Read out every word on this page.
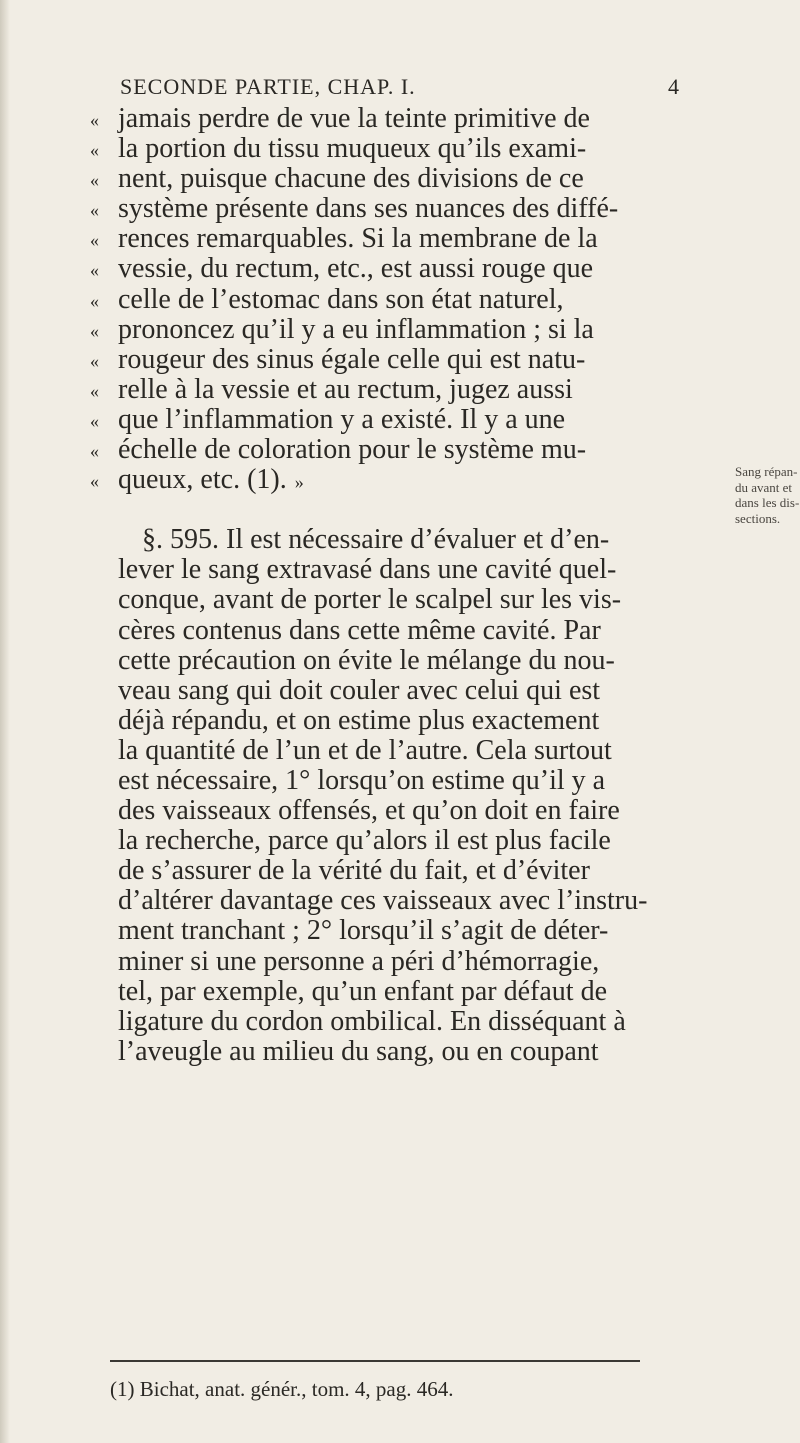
SECONDE PARTIE, CHAP. I.	4
« jamais perdre de vue la teinte primitive de
« la portion du tissu muqueux qu’ils exami-
« nent, puisque chacune des divisions de ce
« système présente dans ses nuances des diffé-
« rences remarquables. Si la membrane de la
« vessie, du rectum, etc., est aussi rouge que
« celle de l’estomac dans son état naturel,
« prononcez qu’il y a eu inflammation ; si la
« rougeur des sinus égale celle qui est natu-
« relle à la vessie et au rectum, jugez aussi
« que l’inflammation y a existé. Il y a une
« échelle de coloration pour le système mu-
« queux, etc. (1). »
§. 595. Il est nécessaire d’évaluer et d’en-
lever le sang extravasé dans une cavité quel-
conque, avant de porter le scalpel sur les vis-
cères contenus dans cette même cavité. Par
cette précaution on évite le mélange du nou-
veau sang qui doit couler avec celui qui est
déjà répandu, et on estime plus exactement
la quantité de l’un et de l’autre. Cela surtout
est nécessaire, 1° lorsqu’on estime qu’il y a
des vaisseaux offensés, et qu’on doit en faire
la recherche, parce qu’alors il est plus facile
de s’assurer de la vérité du fait, et d’éviter
d’altérer davantage ces vaisseaux avec l’instru-
ment tranchant ; 2° lorsqu’il s’agit de déter-
miner si une personne a péri d’hémorragie,
tel, par exemple, qu’un enfant par défaut de
ligature du cordon ombilical. En disséquant à
l’aveugle au milieu du sang, ou en coupant
Sang répan-
du avant et
dans les dis-
sections.
(1) Bichat, anat. génér., tom. 4, pag. 464.
